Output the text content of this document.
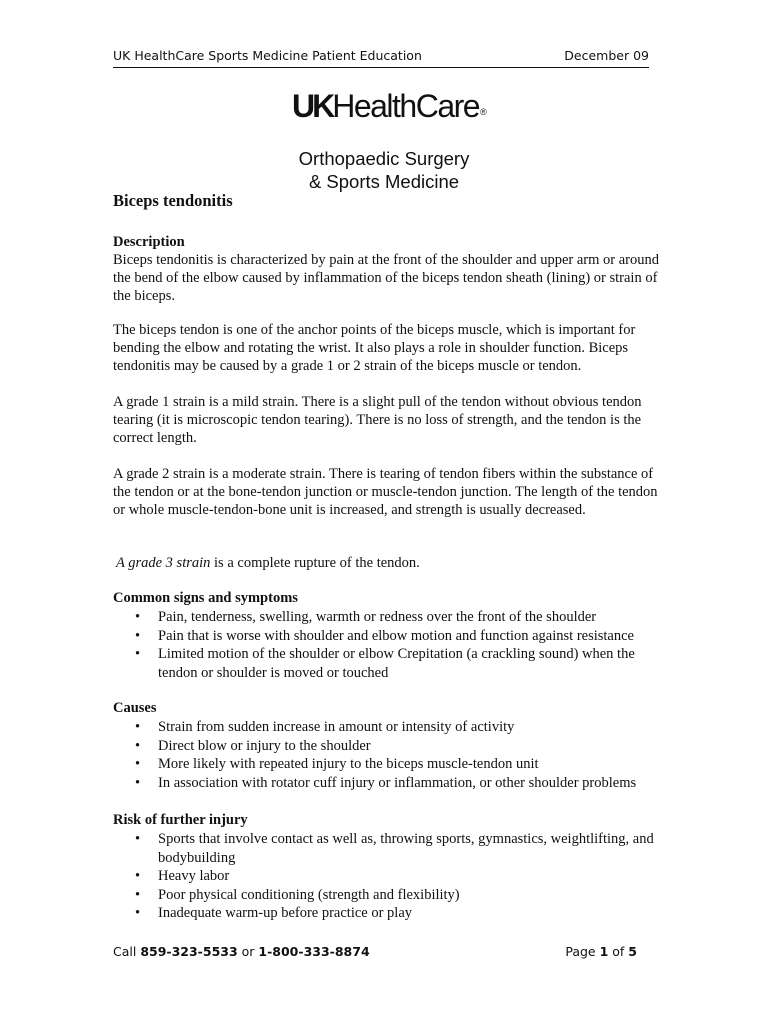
UK HealthCare Sports Medicine Patient Education	December 09
UKHealthCare®
Orthopaedic Surgery
& Sports Medicine
Biceps tendonitis
Description

Biceps tendonitis is characterized by pain at the front of the shoulder and upper arm or around the bend of the elbow caused by inflammation of the biceps tendon sheath (lining) or strain of the biceps.

The biceps tendon is one of the anchor points of the biceps muscle, which is important for bending the elbow and rotating the wrist. It also plays a role in shoulder function. Biceps tendonitis may be caused by a grade 1 or 2 strain of the biceps muscle or tendon.

A grade 1 strain is a mild strain. There is a slight pull of the tendon without obvious tendon tearing (it is microscopic tendon tearing). There is no loss of strength, and the tendon is the correct length.

A grade 2 strain is a moderate strain. There is tearing of tendon fibers within the substance of the tendon or at the bone-tendon junction or muscle-tendon junction. The length of the tendon or whole muscle-tendon-bone unit is increased, and strength is usually decreased.

A grade 3 strain is a complete rupture of the tendon.

Common signs and symptoms
• Pain, tenderness, swelling, warmth or redness over the front of the shoulder
• Pain that is worse with shoulder and elbow motion and function against resistance
• Limited motion of the shoulder or elbow Crepitation (a crackling sound) when the tendon or shoulder is moved or touched
Causes
• Strain from sudden increase in amount or intensity of activity
• Direct blow or injury to the shoulder
• More likely with repeated injury to the biceps muscle-tendon unit
• In association with rotator cuff injury or inflammation, or other shoulder problems
Risk of further injury
• Sports that involve contact as well as, throwing sports, gymnastics, weightlifting, and bodybuilding
• Heavy labor
• Poor physical conditioning (strength and flexibility)
• Inadequate warm-up before practice or play
Call 859-323-5533 or 1-800-333-8874	Page 1 of 5
